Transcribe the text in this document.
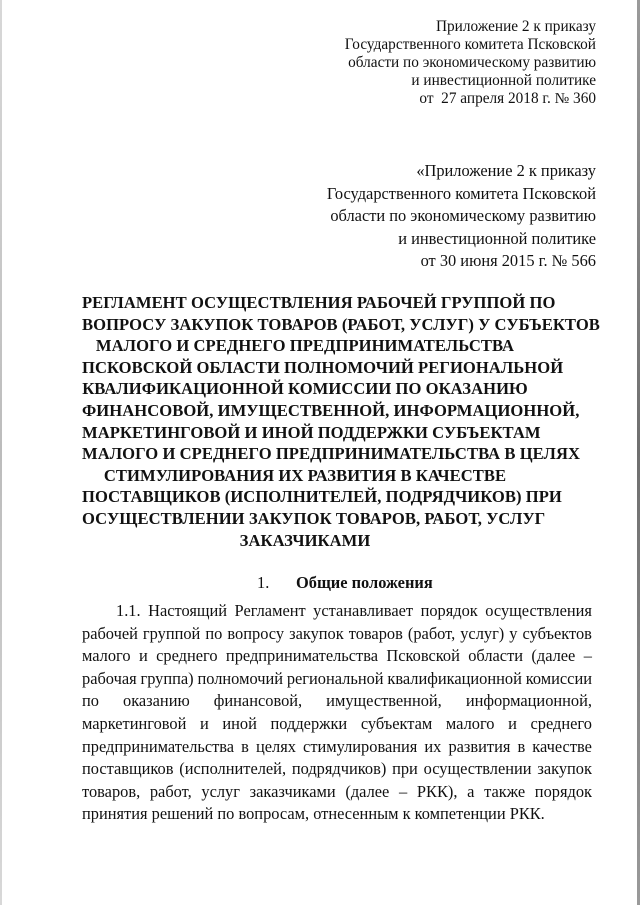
Приложение 2 к приказу
Государственного комитета Псковской
области по экономическому развитию
и инвестиционной политике
от  27 апреля 2018 г. № 360
«Приложение 2 к приказу
Государственного комитета Псковской
области по экономическому развитию
и инвестиционной политике
от 30 июня 2015 г. № 566
РЕГЛАМЕНТ ОСУЩЕСТВЛЕНИЯ РАБОЧЕЙ ГРУППОЙ ПО
ВОПРОСУ ЗАКУПОК ТОВАРОВ (РАБОТ, УСЛУГ) У СУБЪЕКТОВ
МАЛОГО И СРЕДНЕГО ПРЕДПРИНИМАТЕЛЬСТВА
ПСКОВСКОЙ ОБЛАСТИ ПОЛНОМОЧИЙ РЕГИОНАЛЬНОЙ
КВАЛИФИКАЦИОННОЙ КОМИССИИ ПО ОКАЗАНИЮ
ФИНАНСОВОЙ, ИМУЩЕСТВЕННОЙ, ИНФОРМАЦИОННОЙ,
МАРКЕТИНГОВОЙ И ИНОЙ ПОДДЕРЖКИ СУБЪЕКТАМ
МАЛОГО И СРЕДНЕГО ПРЕДПРИНИМАТЕЛЬСТВА В ЦЕЛЯХ
СТИМУЛИРОВАНИЯ ИХ РАЗВИТИЯ В КАЧЕСТВЕ
ПОСТАВЩИКОВ (ИСПОЛНИТЕЛЕЙ, ПОДРЯДЧИКОВ) ПРИ
ОСУЩЕСТВЛЕНИИ ЗАКУПОК ТОВАРОВ, РАБОТ, УСЛУГ
ЗАКАЗЧИКАМИ
1. Общие положения
1.1. Настоящий Регламент устанавливает порядок осуществления
рабочей группой по вопросу закупок товаров (работ, услуг) у субъектов
малого и среднего предпринимательства Псковской области (далее –
рабочая группа) полномочий региональной квалификационной комиссии
по оказанию финансовой, имущественной, информационной,
маркетинговой и иной поддержки субъектам малого и среднего
предпринимательства в целях стимулирования их развития в качестве
поставщиков (исполнителей, подрядчиков) при осуществлении закупок
товаров, работ, услуг заказчиками (далее – РКК), а также порядок
принятия решений по вопросам, отнесенным к компетенции РКК.
